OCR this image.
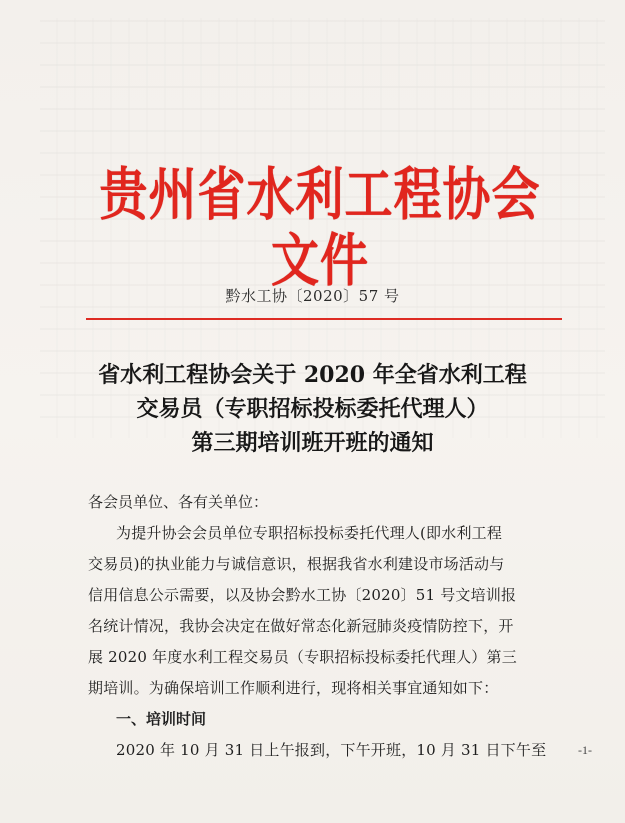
贵州省水利工程协会文件
黔水工协〔2020〕57 号
省水利工程协会关于 2020 年全省水利工程
交易员（专职招标投标委托代理人）
第三期培训班开班的通知
各会员单位、各有关单位：
为提升协会会员单位专职招标投标委托代理人(即水利工程
交易员)的执业能力与诚信意识，根据我省水利建设市场活动与
信用信息公示需要，以及协会黔水工协〔2020〕51 号文培训报
名统计情况，我协会决定在做好常态化新冠肺炎疫情防控下，开
展 2020 年度水利工程交易员（专职招标投标委托代理人）第三
期培训。为确保培训工作顺利进行，现将相关事宜通知如下：
一、培训时间
2020 年 10 月 31 日上午报到，下午开班，10 月 31 日下午至	-1-
